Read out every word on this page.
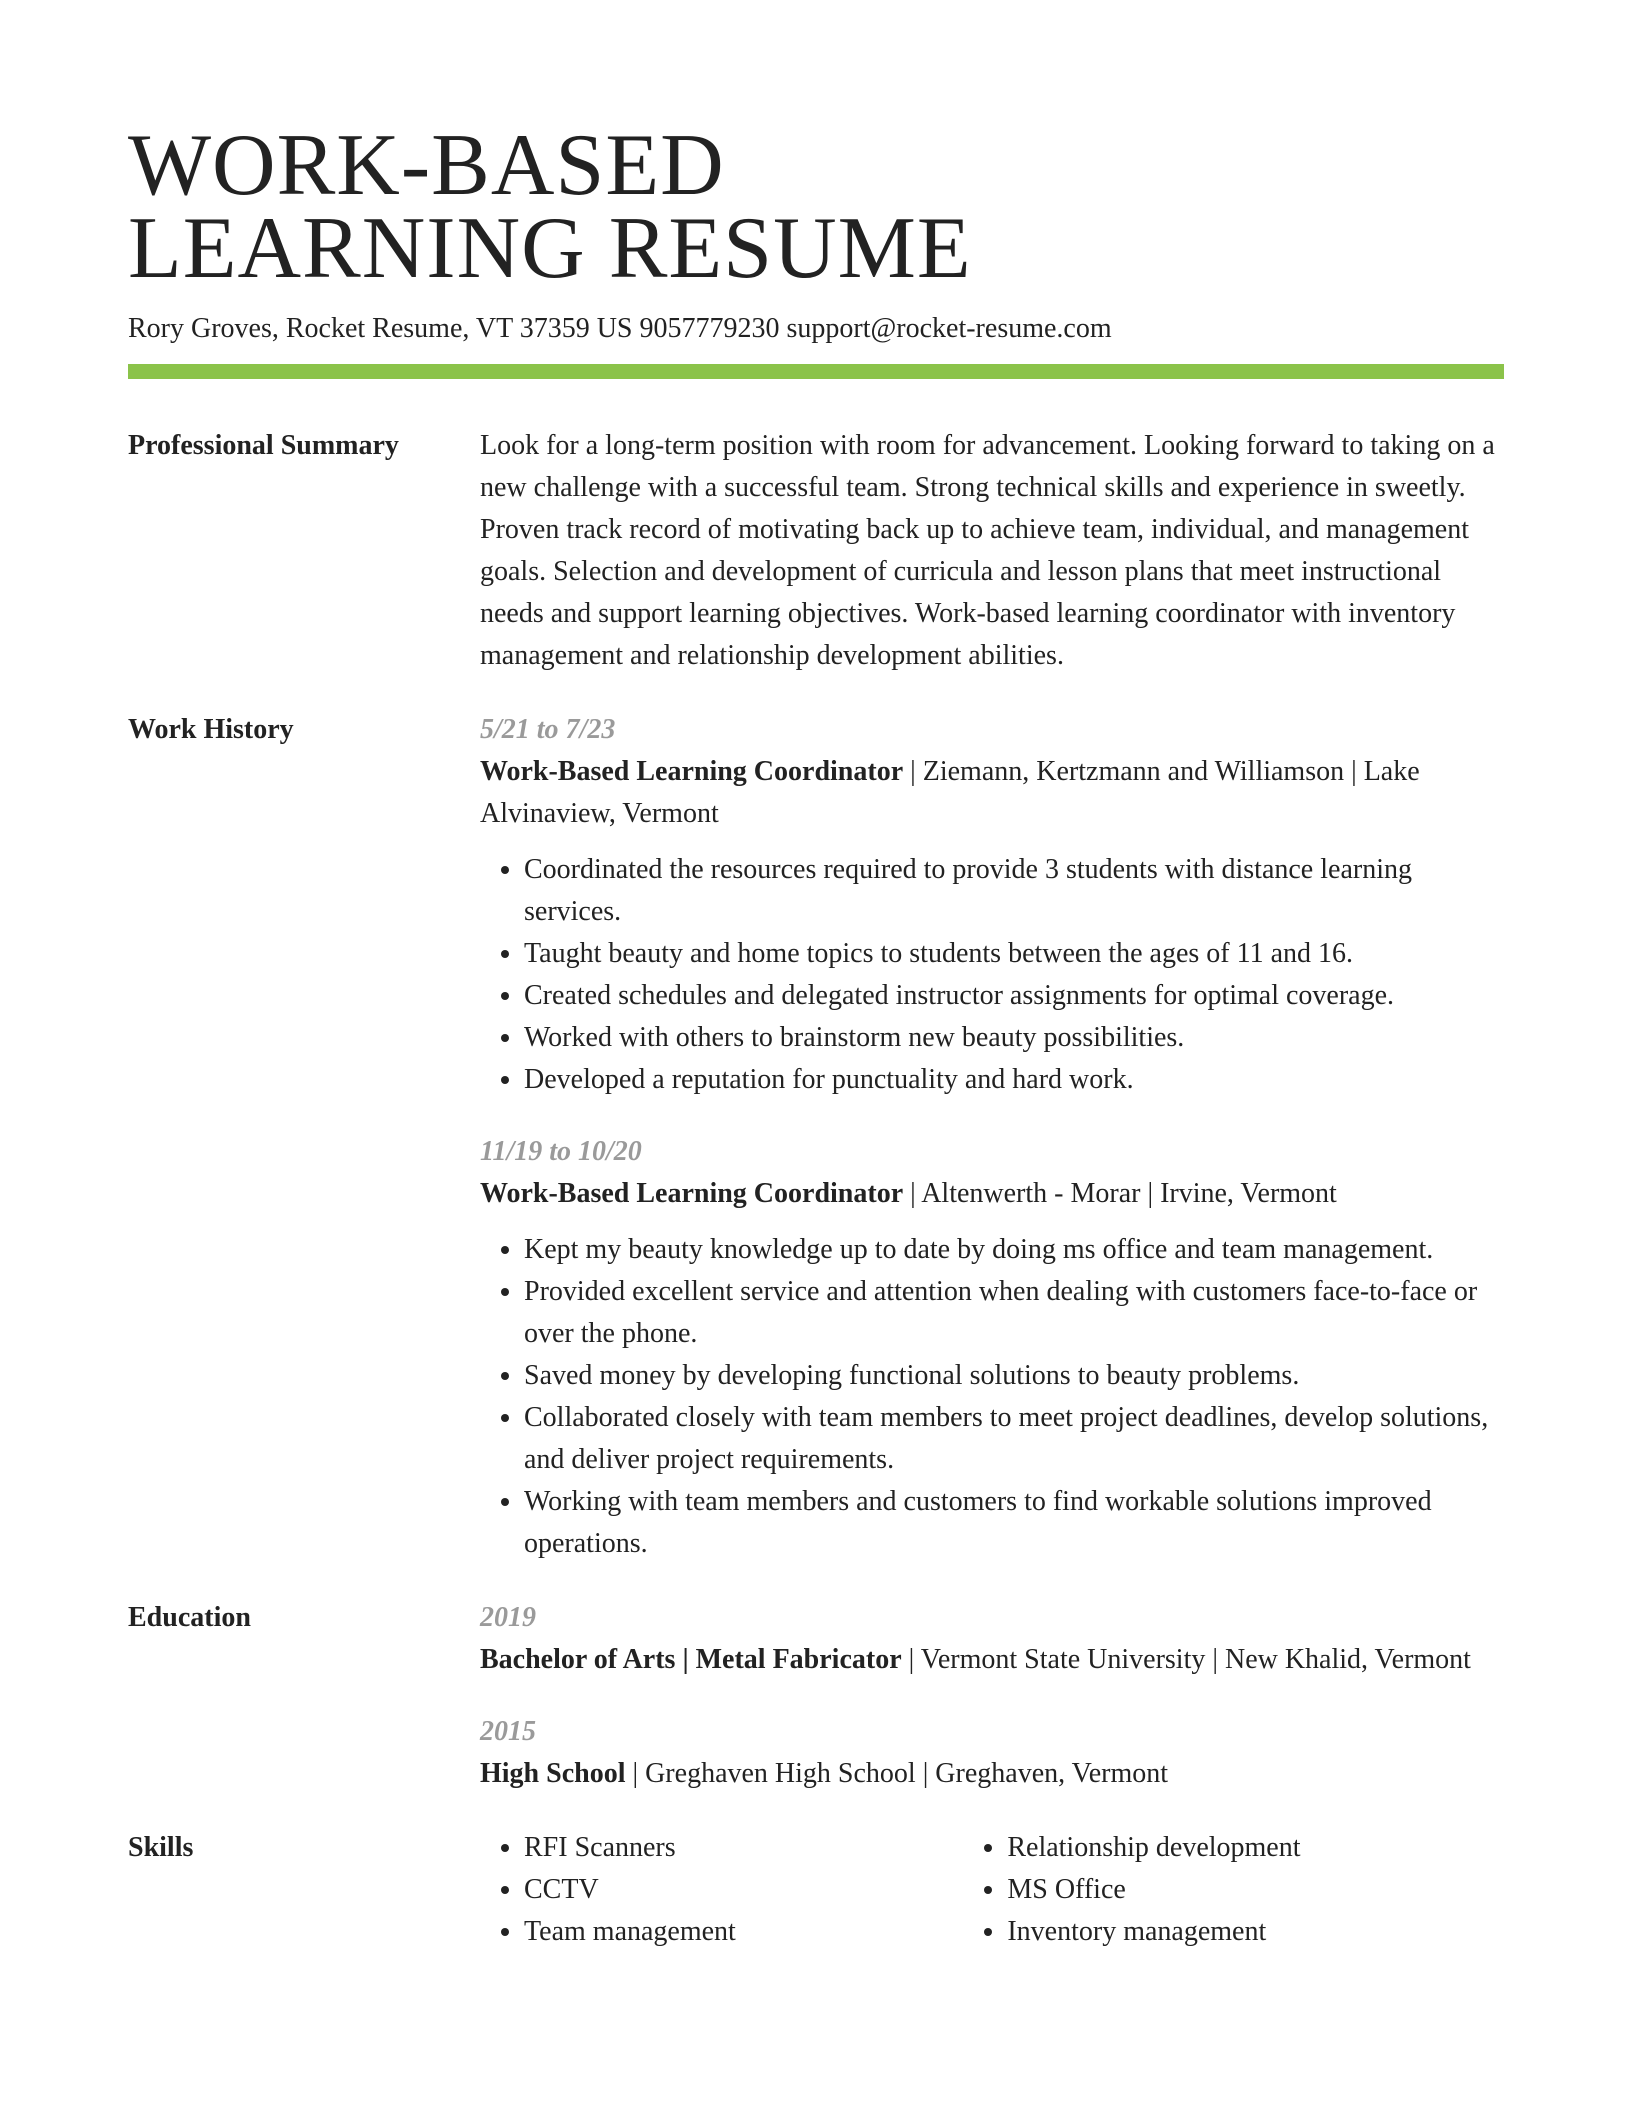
WORK-BASED
LEARNING RESUME
Rory Groves, Rocket Resume, VT 37359 US 9057779230 support@rocket-resume.com
Professional Summary	Look for a long-term position with room for advancement. Looking forward to taking on a new challenge with a successful team. Strong technical skills and experience in sweetly. Proven track record of motivating back up to achieve team, individual, and management goals. Selection and development of curricula and lesson plans that meet instructional needs and support learning objectives. Work-based learning coordinator with inventory management and relationship development abilities.
Work History	5/21 to 7/23
Work-Based Learning Coordinator | Ziemann, Kertzmann and Williamson | Lake Alvinaview, Vermont
• Coordinated the resources required to provide 3 students with distance learning services.
• Taught beauty and home topics to students between the ages of 11 and 16.
• Created schedules and delegated instructor assignments for optimal coverage.
• Worked with others to brainstorm new beauty possibilities.
• Developed a reputation for punctuality and hard work.
11/19 to 10/20
Work-Based Learning Coordinator | Altenwerth - Morar | Irvine, Vermont
• Kept my beauty knowledge up to date by doing ms office and team management.
• Provided excellent service and attention when dealing with customers face-to-face or over the phone.
• Saved money by developing functional solutions to beauty problems.
• Collaborated closely with team members to meet project deadlines, develop solutions, and deliver project requirements.
• Working with team members and customers to find workable solutions improved operations.
Education	2019
Bachelor of Arts | Metal Fabricator | Vermont State University | New Khalid, Vermont
2015
High School | Greghaven High School | Greghaven, Vermont
Skills
•	RFI Scanners
• CCTV
• Team management
• Relationship development
• MS Office
• Inventory management
